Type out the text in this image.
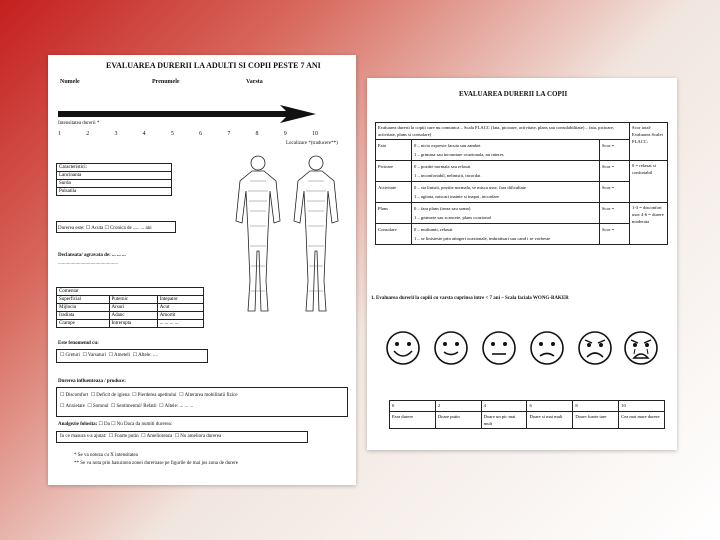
EVALUAREA DURERII LA ADULTI SI COPII PESTE 7 ANI
Numele	Prenumele	Varsta
Intensitatea durerii *
1	2	3	4	5	6	7	8	9	10
Localizare *(traducere**)
Caracteristici:
Lancinanta
Surda
Pulsatila
Durerea este: ☐ Acuta ☐ Cronica de ..... ... ani
Declansata/ agravata de: ... ... ...
................................................
Comentar		
Superficial	Puternic	Intepator
Mijlociu	Arsuri	Acut
Iradiata	Adanc	Amortit
Crampe	Intrerupta	... ... ... ...
Este fenomenul cu:
☐ Greturi ☐ Varsaturi ☐ Ameteli ☐ Altele: ....
Durerea influenteaza / produce:
☐ Discomfort ☐ Deficit de igiena ☐ Pierderea apetitului ☐ Alterarea mobilitatii fizice
☐ Anxietate ☐ Somnul ☐ Sentimentul/ Relatii ☐ Altele: ... ... ...
Analgezie folosita: ☐ Da ☐ Nu Daca da numiti durerea:
In ce masura s-a ajutat: ☐ Foarte putin ☐ Amelioreaza ☐ Nu ameliora durerea
* Se va noteza cu X intensitatea
** Se va nota prin hasurarea zonei dureroase pe figurile de mai jos zona de durere
EVALUAREA DURERII LA COPII
Evaluarea durerii la copiii care nu comunica – Scala FLACC (fata, picioare, activitate, plans sau consolabilitate) – fata, picioare, activitate, plans si consolare)			Scor total- Evaluarea Scalei FLACC:
Fata	0 – nicio expresie facuta sau zambet
1 – grimasa sau incruntare ocazionala, nu interes	Scor =	
Picioare	0 – pozitie normala sau relaxat
1 – inconfortabil, nelinistit, incordat	Scor =	0 = relaxat si confortabil
Activitate	0 – sta linistit, pozitie normala, se misca usor, fara dificultate
1 – agitata, miscari inainte si inapoi, incordare	Scor =	
Plans	0 – fara plans (treaz sau somn)
1 – geamete sau scancete, plans ocazional	Scor =	1-3 = disconfort usor 4-6 = durere moderata
Consolare	0 – multumit, relaxat
1 – se linisteste prin atingeri ocazionale, imbratisari sau cand i se vorbeste	Scor =	
1. Evaluarea durerii la copiii cu varsta cuprinsa intre < 7 ani – Scala faciala WONG-BAKER
0	2	4	6	8	10
Fara durere	Doare putin	Doare un pic mai mult	Doare si mai mult	Doare foarte tare	Cea mai mare durere
